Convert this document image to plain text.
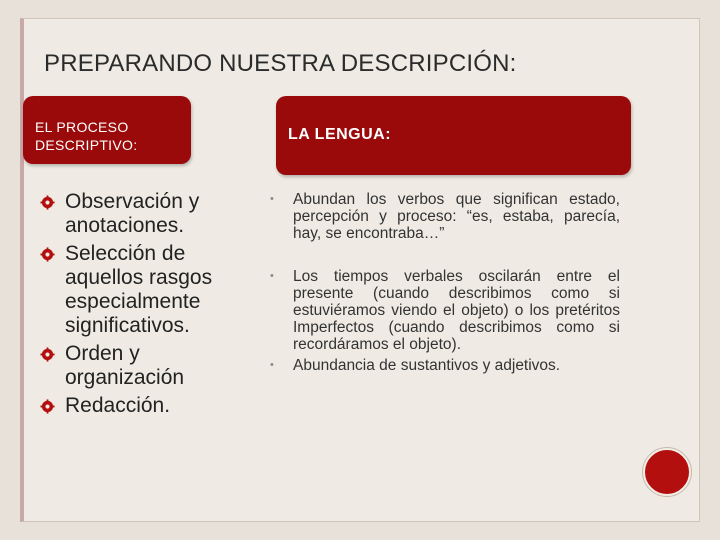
PREPARANDO NUESTRA DESCRIPCIÓN:
EL PROCESO
DESCRIPTIVO:
LA LENGUA:
Observación y anotaciones.
Selección de aquellos rasgos especialmente significativos.
Orden y organización
Redacción.
• Abundan los verbos que significan estado, percepción y proceso: “es, estaba, parecía, hay, se encontraba…”
• Los tiempos verbales oscilarán entre el presente (cuando describimos como si estuviéramos viendo el objeto) o los pretéritos Imperfectos (cuando describimos como si recordáramos el objeto).
• Abundancia de sustantivos y adjetivos.
